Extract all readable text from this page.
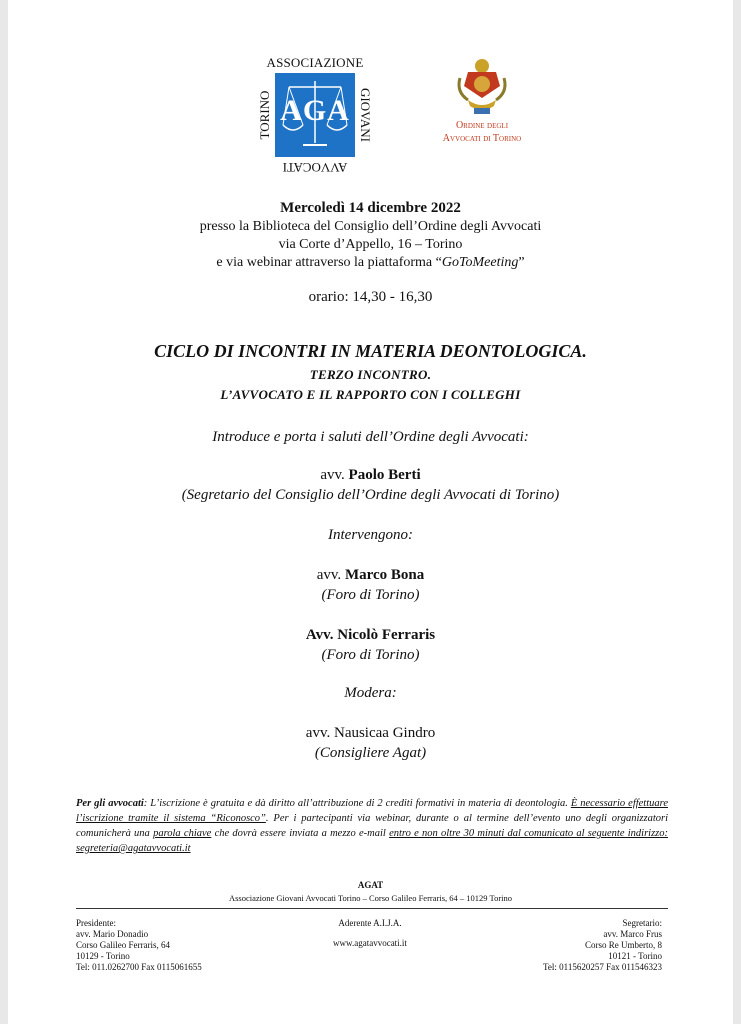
ASSOCIAZIONE
TORINO	GIOVANI
AVVOCATI
AGA	Ordine degli
Avvocati di Torino
Mercoledì 14 dicembre 2022
presso la Biblioteca del Consiglio dell’Ordine degli Avvocati
via Corte d’Appello, 16 – Torino
e via webinar attraverso la piattaforma “GoToMeeting”
orario: 14,30 - 16,30
CICLO DI INCONTRI IN MATERIA DEONTOLOGICA.
TERZO INCONTRO.
L’AVVOCATO E IL RAPPORTO CON I COLLEGHI
Introduce e porta i saluti dell’Ordine degli Avvocati:
avv. Paolo Berti
(Segretario del Consiglio dell’Ordine degli Avvocati di Torino)
Intervengono:
avv. Marco Bona
(Foro di Torino)
Avv. Nicolò Ferraris
(Foro di Torino)
Modera:
avv. Nausicaa Gindro
(Consigliere Agat)
Per gli avvocati: L’iscrizione è gratuita e dà diritto all’attribuzione di 2 crediti formativi in materia di deontologia. È necessario effettuare l’iscrizione tramite il sistema “Riconosco”. Per i partecipanti via webinar, durante o al termine dell’evento uno degli organizzatori comunicherà una parola chiave che dovrà essere inviata a mezzo e-mail entro e non oltre 30 minuti dal comunicato al seguente indirizzo: segreteria@agatavvocati.it
AGAT
Associazione Giovani Avvocati Torino – Corso Galileo Ferraris, 64 – 10129 Torino
Presidente:
avv. Mario Donadio
Corso Galileo Ferraris, 64
10129 - Torino
Tel: 011.0262700 Fax 0115061655
Aderente A.I.J.A.
www.agatavvocati.it
Segretario:
avv. Marco Frus
Corso Re Umberto, 8
10121 - Torino
Tel: 0115620257 Fax 011546323
